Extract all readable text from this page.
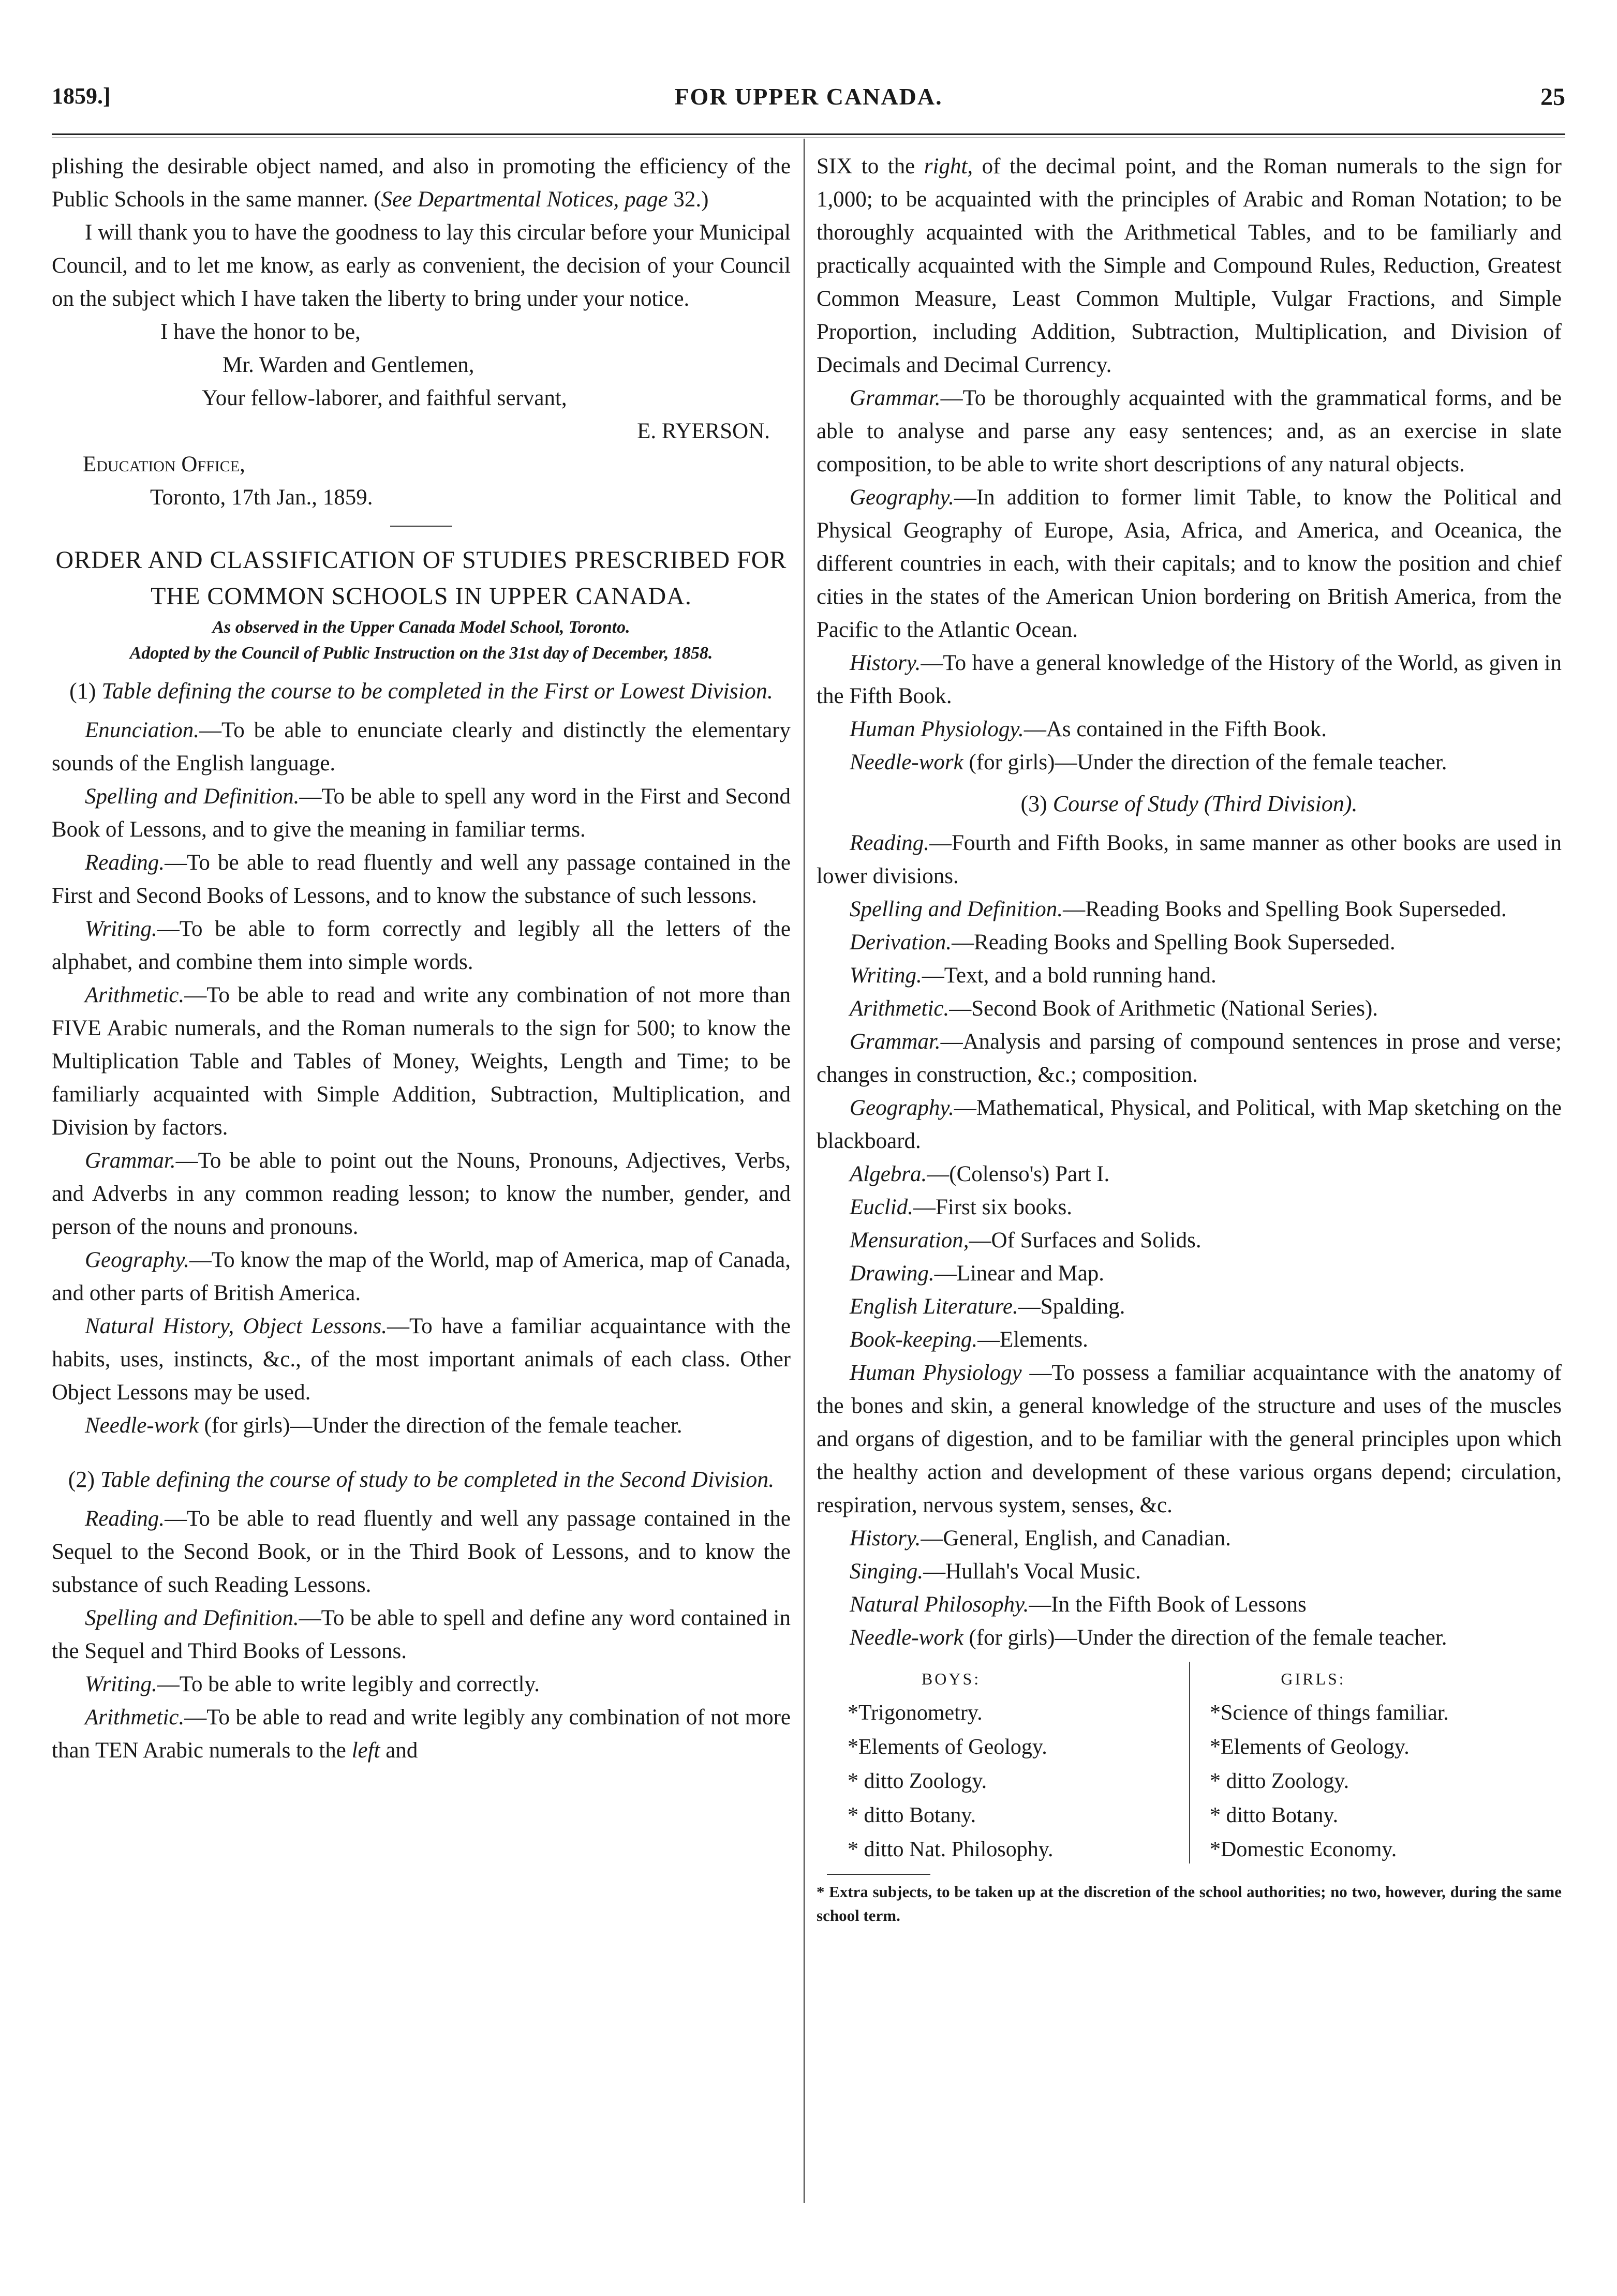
1859.]	FOR UPPER CANADA.	25

plishing the desirable object named, and also in promoting the efficiency of the Public Schools in the same manner. (See Departmental Notices, page 32.)

I will thank you to have the goodness to lay this circular before your Municipal Council, and to let me know, as early as convenient, the decision of your Council on the subject which I have taken the liberty to bring under your notice.

I have the honor to be,

Mr. Warden and Gentlemen,

Your fellow-laborer, and faithful servant,

E. RYERSON.

Education Office,

Toronto, 17th Jan., 1859.

ORDER AND CLASSIFICATION OF STUDIES PRESCRIBED FOR THE COMMON SCHOOLS IN UPPER CANADA.

As observed in the Upper Canada Model School, Toronto.

Adopted by the Council of Public Instruction on the 31st day of December, 1858.

(1) Table defining the course to be completed in the First or Lowest Division.

Enunciation.—To be able to enunciate clearly and distinctly the elementary sounds of the English language.

Spelling and Definition.—To be able to spell any word in the First and Second Book of Lessons, and to give the meaning in familiar terms.

Reading.—To be able to read fluently and well any passage contained in the First and Second Books of Lessons, and to know the substance of such lessons.

Writing.—To be able to form correctly and legibly all the letters of the alphabet, and combine them into simple words.

Arithmetic.—To be able to read and write any combination of not more than FIVE Arabic numerals, and the Roman numerals to the sign for 500; to know the Multiplication Table and Tables of Money, Weights, Length and Time; to be familiarly acquainted with Simple Addition, Subtraction, Multiplication, and Division by factors.

Grammar.—To be able to point out the Nouns, Pronouns, Adjectives, Verbs, and Adverbs in any common reading lesson; to know the number, gender, and person of the nouns and pronouns.

Geography.—To know the map of the World, map of America, map of Canada, and other parts of British America.

Natural History, Object Lessons.—To have a familiar acquaintance with the habits, uses, instincts, &c., of the most important animals of each class. Other Object Lessons may be used.

Needle-work (for girls)—Under the direction of the female teacher.

(2) Table defining the course of study to be completed in the Second Division.

Reading.—To be able to read fluently and well any passage contained in the Sequel to the Second Book, or in the Third Book of Lessons, and to know the substance of such Reading Lessons.

Spelling and Definition.—To be able to spell and define any word contained in the Sequel and Third Books of Lessons.

Writing.—To be able to write legibly and correctly.

Arithmetic.—To be able to read and write legibly any combination of not more than TEN Arabic numerals to the left and

SIX to the right, of the decimal point, and the Roman numerals to the sign for 1,000; to be acquainted with the principles of Arabic and Roman Notation; to be thoroughly acquainted with the Arithmetical Tables, and to be familiarly and practically acquainted with the Simple and Compound Rules, Reduction, Greatest Common Measure, Least Common Multiple, Vulgar Fractions, and Simple Proportion, including Addition, Subtraction, Multiplication, and Division of Decimals and Decimal Currency.

Grammar.—To be thoroughly acquainted with the grammatical forms, and be able to analyse and parse any easy sentences; and, as an exercise in slate composition, to be able to write short descriptions of any natural objects.

Geography.—In addition to former limit Table, to know the Political and Physical Geography of Europe, Asia, Africa, and America, and Oceanica, the different countries in each, with their capitals; and to know the position and chief cities in the states of the American Union bordering on British America, from the Pacific to the Atlantic Ocean.

History.—To have a general knowledge of the History of the World, as given in the Fifth Book.

Human Physiology.—As contained in the Fifth Book.

Needle-work (for girls)—Under the direction of the female teacher.

(3) Course of Study (Third Division).

Reading.—Fourth and Fifth Books, in same manner as other books are used in lower divisions.

Spelling and Definition.—Reading Books and Spelling Book Superseded.

Derivation.—Reading Books and Spelling Book Superseded.

Writing.—Text, and a bold running hand.

Arithmetic.—Second Book of Arithmetic (National Series).

Grammar.—Analysis and parsing of compound sentences in prose and verse; changes in construction, &c.; composition.

Geography.—Mathematical, Physical, and Political, with Map sketching on the blackboard.

Algebra.—(Colenso's) Part I.

Euclid.—First six books.

Mensuration,—Of Surfaces and Solids.

Drawing.—Linear and Map.

English Literature.—Spalding.

Book-keeping.—Elements.

Human Physiology —To possess a familiar acquaintance with the anatomy of the bones and skin, a general knowledge of the structure and uses of the muscles and organs of digestion, and to be familiar with the general principles upon which the healthy action and development of these various organs depend; circulation, respiration, nervous system, senses, &c.

History.—General, English, and Canadian.

Singing.—Hullah's Vocal Music.

Natural Philosophy.—In the Fifth Book of Lessons

Needle-work (for girls)—Under the direction of the female teacher.

BOYS:
*Trigonometry.
*Elements of Geology.
* ditto Zoology.
* ditto Botany.
* ditto Nat. Philosophy.
GIRLS:
*Science of things familiar.
*Elements of Geology.
* ditto Zoology.
* ditto Botany.
*Domestic Economy.

* Extra subjects, to be taken up at the discretion of the school authorities; no two, however, during the same school term.
